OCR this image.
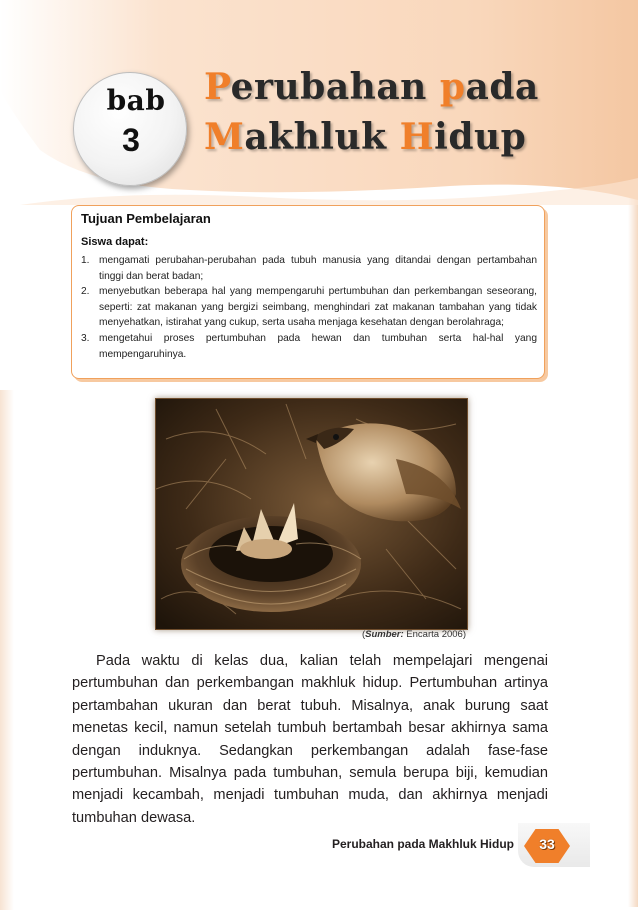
bab
3
Perubahan pada
Makhluk Hidup
Tujuan Pembelajaran
Siswa dapat:
1. mengamati perubahan-perubahan pada tubuh manusia yang ditandai dengan pertambahan tinggi dan berat badan;
2. menyebutkan beberapa hal yang mempengaruhi pertumbuhan dan perkembangan seseorang, seperti: zat makanan yang bergizi seimbang, menghindari zat makanan tambahan yang tidak menyehatkan, istirahat yang cukup, serta usaha menjaga kesehatan dengan berolahraga;
3. mengetahui proses pertumbuhan pada hewan dan tumbuhan serta hal-hal yang mempengaruhinya.
(Sumber: Encarta 2006)
Pada waktu di kelas dua, kalian telah mempelajari mengenai pertumbuhan dan perkembangan makhluk hidup. Pertumbuhan artinya pertambahan ukuran dan berat tubuh. Misalnya, anak burung saat menetas kecil, namun setelah tumbuh bertambah besar akhirnya sama dengan induknya. Sedangkan perkembangan adalah fase-fase pertumbuhan. Misalnya pada tumbuhan, semula berupa biji, kemudian menjadi kecambah, menjadi tumbuhan muda, dan akhirnya menjadi tumbuhan dewasa.
Perubahan pada Makhluk Hidup	33
